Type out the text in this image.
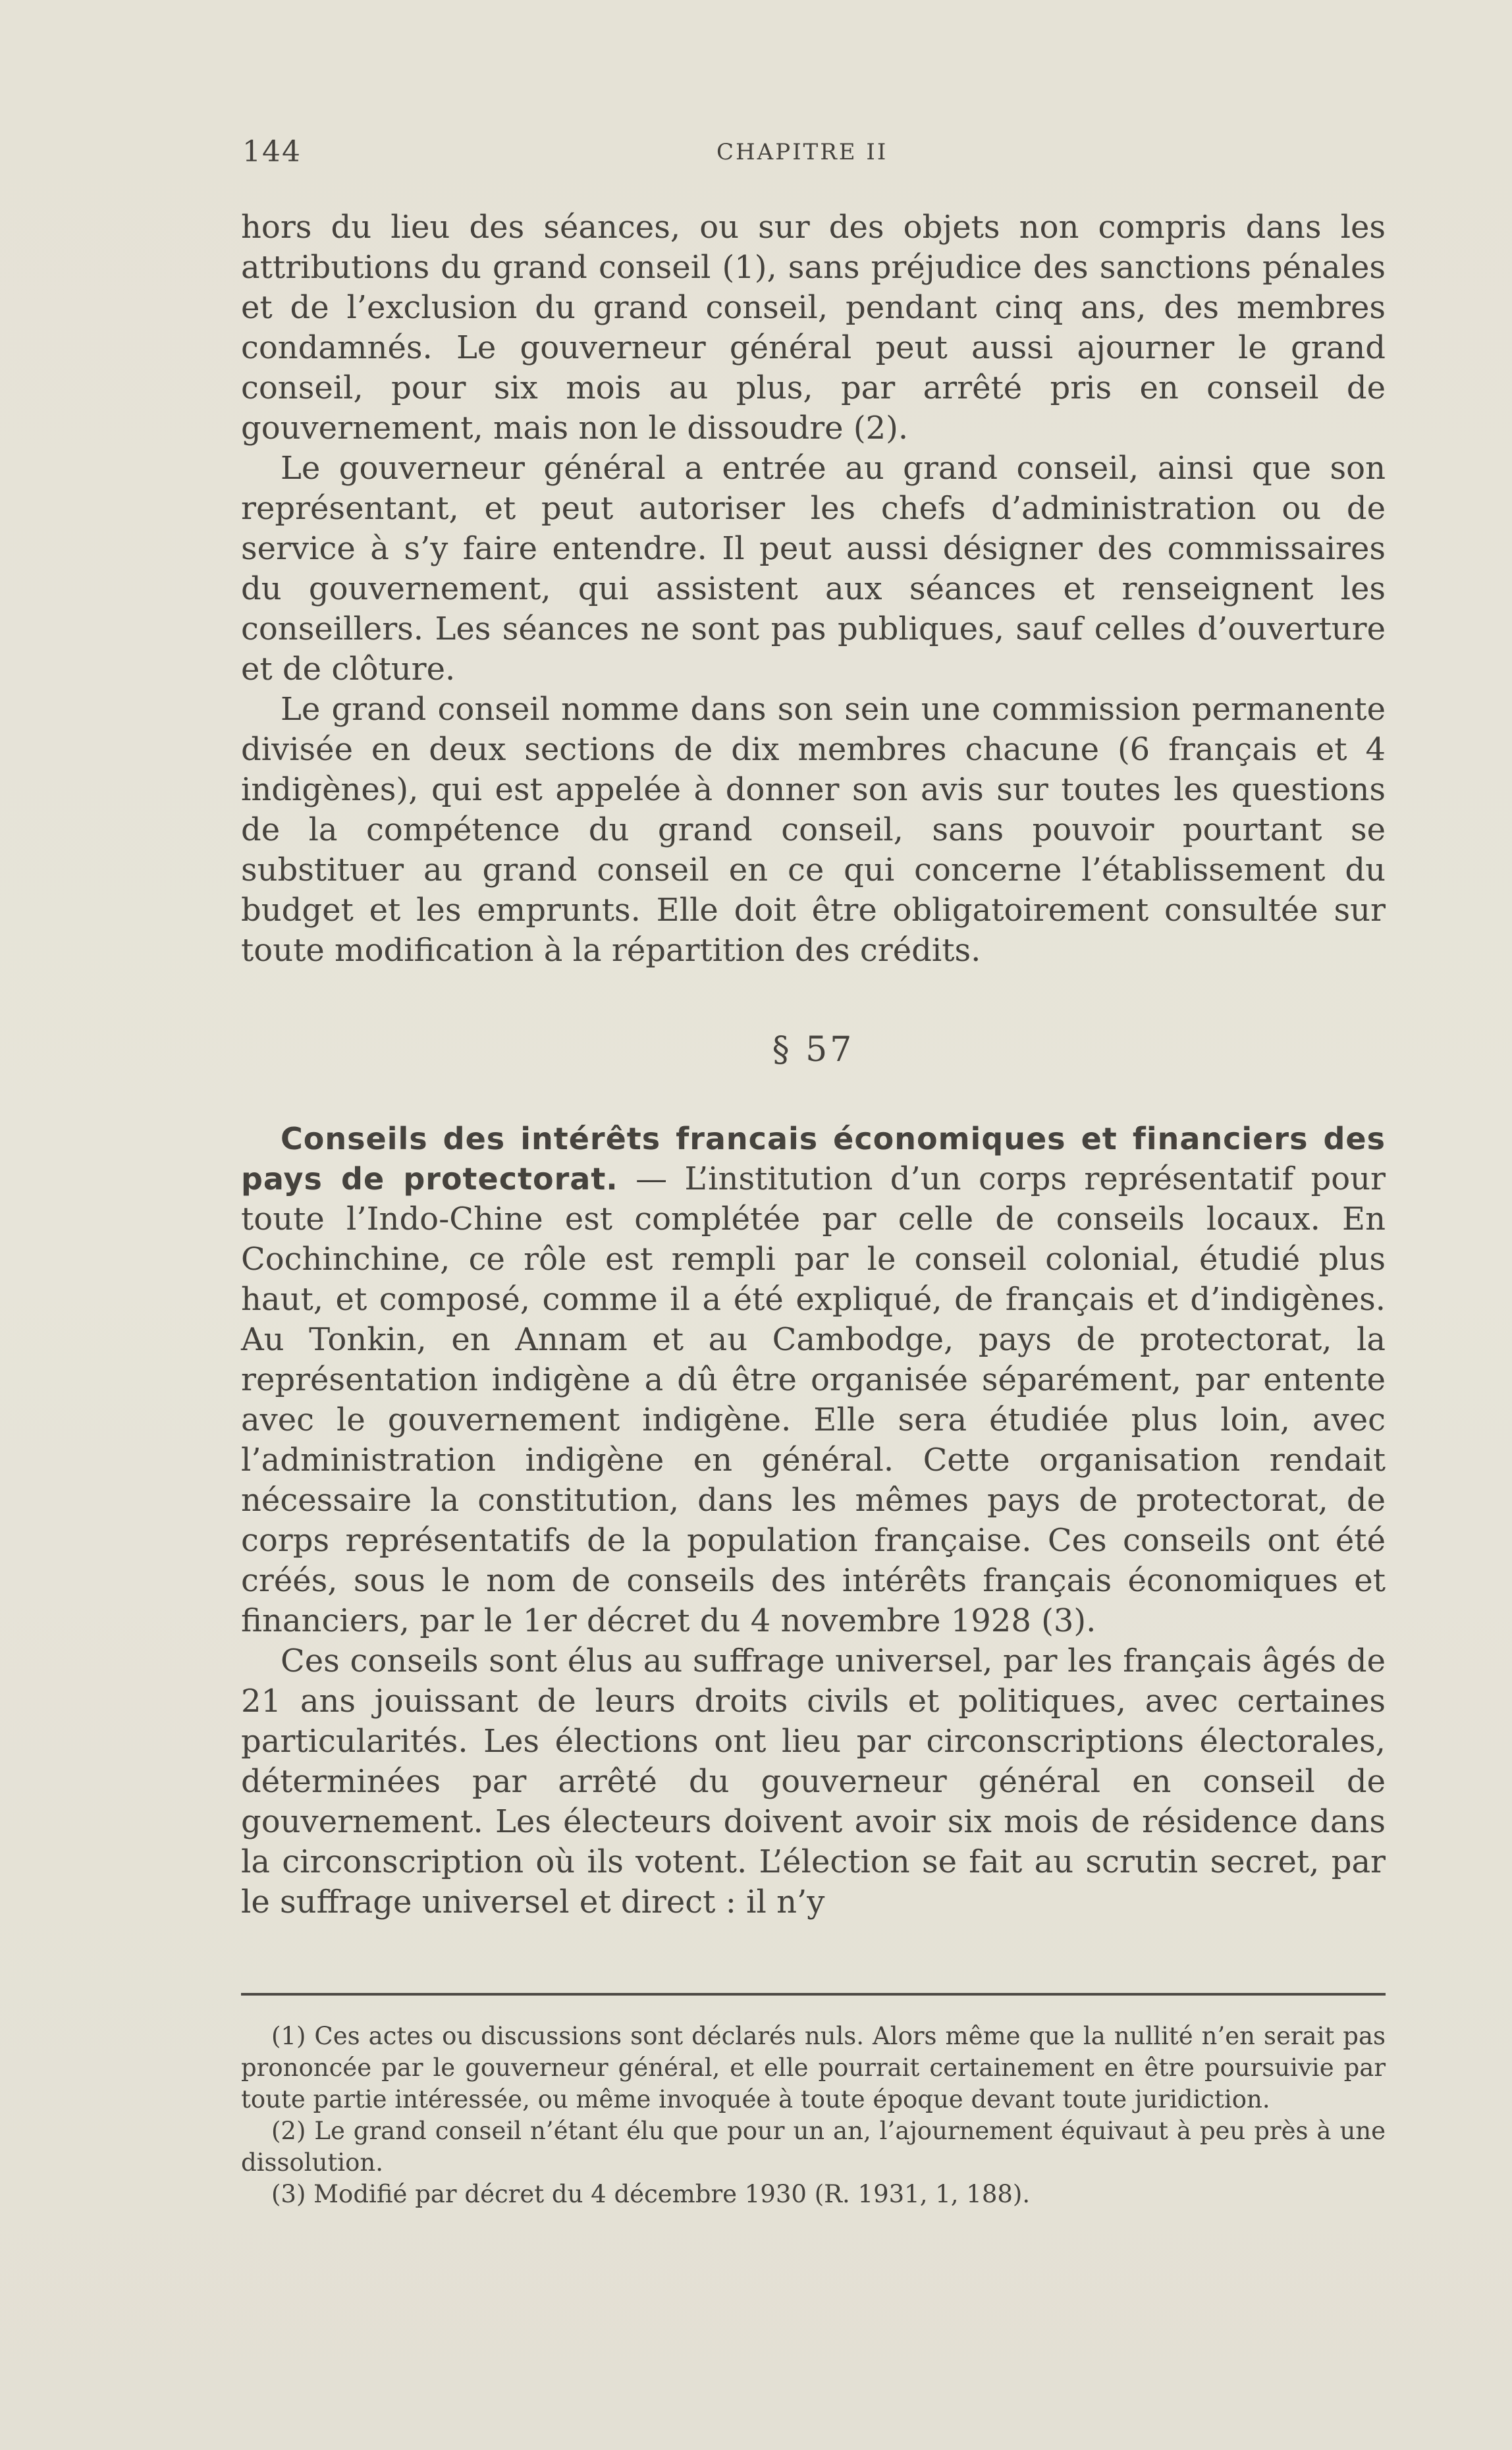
144	CHAPITRE II

hors du lieu des séances, ou sur des objets non compris dans les attributions du grand conseil (1), sans préjudice des sanctions pénales et de l’exclusion du grand conseil, pendant cinq ans, des membres condamnés. Le gouverneur général peut aussi ajourner le grand conseil, pour six mois au plus, par arrêté pris en conseil de gouvernement, mais non le dissoudre (2).

Le gouverneur général a entrée au grand conseil, ainsi que son représentant, et peut autoriser les chefs d’administration ou de service à s’y faire entendre. Il peut aussi désigner des commissaires du gouvernement, qui assistent aux séances et renseignent les conseillers. Les séances ne sont pas publiques, sauf celles d’ouverture et de clôture.

Le grand conseil nomme dans son sein une commission permanente divisée en deux sections de dix membres chacune (6 français et 4 indigènes), qui est appelée à donner son avis sur toutes les questions de la compétence du grand conseil, sans pouvoir pourtant se substituer au grand conseil en ce qui concerne l’établissement du budget et les emprunts. Elle doit être obligatoirement consultée sur toute modification à la répartition des crédits.

§ 57

Conseils des intérêts francais économiques et financiers des pays de protectorat. — L’institution d’un corps représentatif pour toute l’Indo-Chine est complétée par celle de conseils locaux. En Cochinchine, ce rôle est rempli par le conseil colonial, étudié plus haut, et composé, comme il a été expliqué, de français et d’indigènes. Au Tonkin, en Annam et au Cambodge, pays de protectorat, la représentation indigène a dû être organisée séparément, par entente avec le gouvernement indigène. Elle sera étudiée plus loin, avec l’administration indigène en général. Cette organisation rendait nécessaire la constitution, dans les mêmes pays de protectorat, de corps représentatifs de la population française. Ces conseils ont été créés, sous le nom de conseils des intérêts français économiques et financiers, par le 1er décret du 4 novembre 1928 (3).

Ces conseils sont élus au suffrage universel, par les français âgés de 21 ans jouissant de leurs droits civils et politiques, avec certaines particularités. Les élections ont lieu par circonscriptions électorales, déterminées par arrêté du gouverneur général en conseil de gouvernement. Les électeurs doivent avoir six mois de résidence dans la circonscription où ils votent. L’élection se fait au scrutin secret, par le suffrage universel et direct : il n’y

(1) Ces actes ou discussions sont déclarés nuls. Alors même que la nullité n’en serait pas prononcée par le gouverneur général, et elle pourrait certainement en être poursuivie par toute partie intéressée, ou même invoquée à toute époque devant toute juridiction.

(2) Le grand conseil n’étant élu que pour un an, l’ajournement équivaut à peu près à une dissolution.

(3) Modifié par décret du 4 décembre 1930 (R. 1931, 1, 188).
